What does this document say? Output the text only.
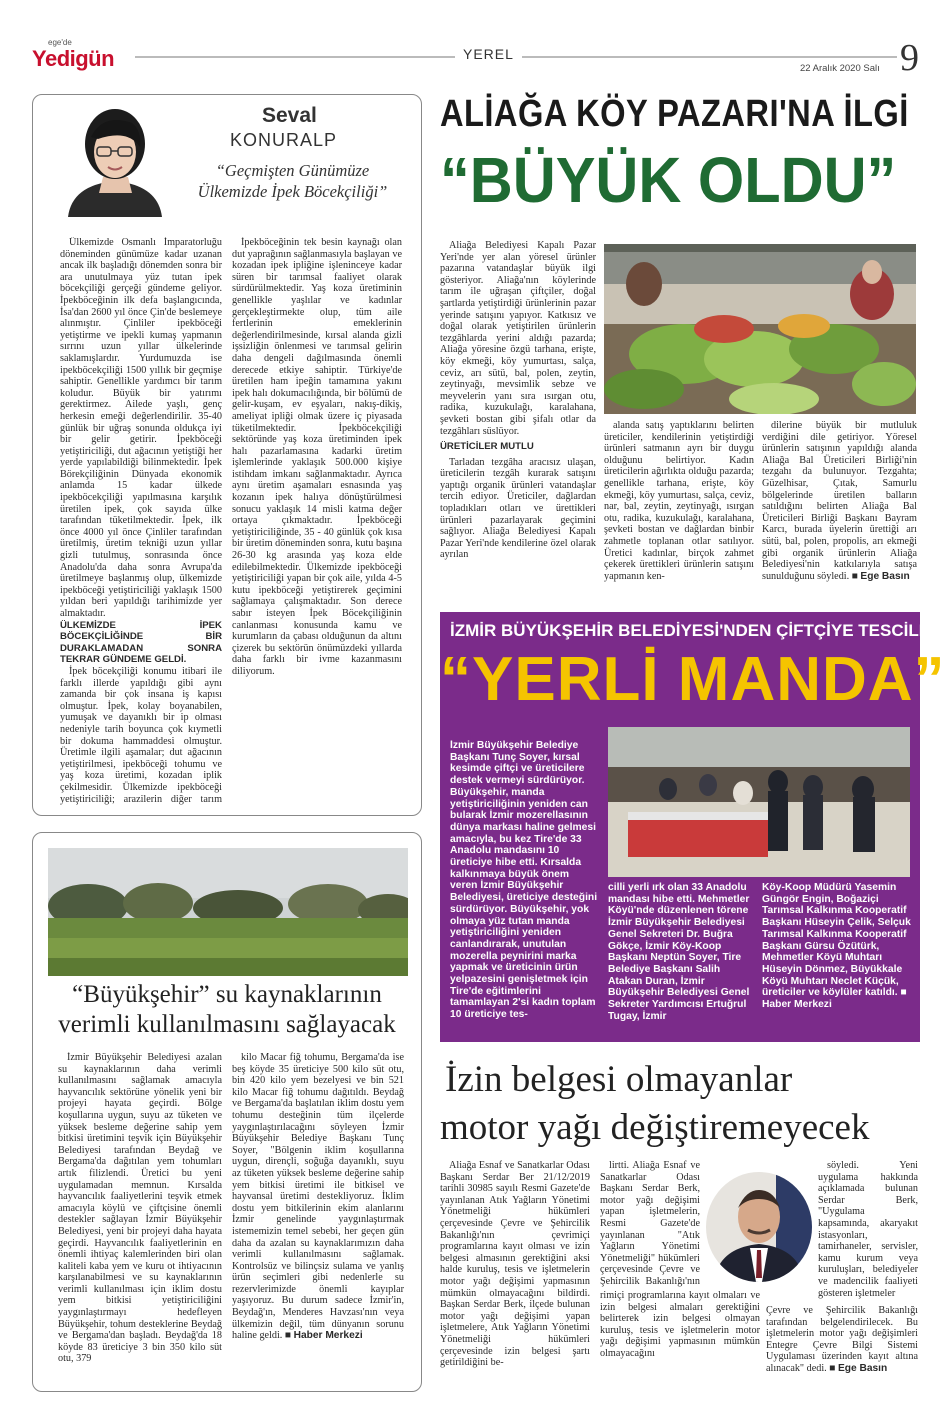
ege'de
Yedigün	YEREL
22 Aralık 2020 Salı 9
Seval
KONURALP
“Geçmişten Günümüze
Ülkemizde İpek Böcekçiliği”

Ülkemizde Osmanlı İmparatorluğu döneminden günümüze kadar uzanan ancak ilk başladığı dönemden sonra bir ara unutulmaya yüz tutan ipek böcekçiliği gerçeği gündeme geliyor. İpekböceğinin ilk defa başlangıcında, İsa'dan 2600 yıl önce Çin'de beslemeye alınmıştır. Çinliler ipekböceği yetiştirme ve ipekli kumaş yapmanın sırrını uzun yıllar ülkelerinde saklamışlardır. Yurdumuzda ise ipekböcekçiliği 1500 yıllık bir geçmişe sahiptir. Genellikle yardımcı bir tarım koludur. Büyük bir yatırımı gerektirmez. Ailede yaşlı, genç herkesin emeği değerlendirilir. 35-40 günlük bir uğraş sonunda oldukça iyi bir gelir getirir. İpekböceği yetiştiriciliği, dut ağacının yetiştiği her yerde yapılabildiği bilinmektedir. İpek Börekçiliğinin Dünyada ekonomik anlamda 15 kadar ülkede ipekböcekçiliği yapılmasına karşılık üretilen ipek, çok sayıda ülke tarafından tüketilmektedir. İpek, ilk önce 4000 yıl önce Çinliler tarafından üretilmiş, üretim tekniği uzun yıllar gizli tutulmuş, sonrasında önce Anadolu'da daha sonra Avrupa'da üretilmeye başlanmış olup, ülkemizde ipekböceği yetiştiriciliği yaklaşık 1500 yıldan beri yapıldığı tarihimizde yer almaktadır.

ÜLKEMİZDE İPEK BÖCEKÇİLİĞİNDE BİR DURAKLAMADAN SONRA TEKRAR GÜNDEME GELDİ.

İpek böcekçiliği konumu itibari ile farklı illerde yapıldığı gibi aynı zamanda bir çok insana iş kapısı olmuştur. İpek, kolay boyanabilen, yumuşak ve dayanıklı bir ip olması nedeniyle tarih boyunca çok kıymetli bir dokuma hammaddesi olmuştur. Üretimle ilgili aşamalar; dut ağacının yetiştirilmesi, ipekböceği tohumu ve yaş koza üretimi, kozadan iplik çekilmesidir. Ülkemizde ipekböceği yetiştiriciliği; arazilerin diğer tarım

İpekböceğinin tek besin kaynağı olan dut yaprağının sağlanmasıyla başlayan ve kozadan ipek ipliğine işleninceye kadar süren bir tarımsal faaliyet olarak sürdürülmektedir. Yaş koza üretiminin genellikle yaşlılar ve kadınlar gerçekleştirmekte olup, tüm aile fertlerinin emeklerinin değerlendirilmesinde, kırsal alanda gizli işsizliğin önlenmesi ve tarımsal gelirin daha dengeli dağılmasında önemli derecede etkiye sahiptir. Türkiye'de üretilen ham ipeğin tamamına yakını ipek halı dokumacılığında, bir bölümü de gelir-kuşam, ev eşyaları, nakış-dikiş, ameliyat ipliği olmak üzere iç piyasada tüketilmektedir. İpekböcekçiliği sektöründe yaş koza üretiminden ipek halı pazarlamasına kadarki üretim işlemlerinde yaklaşık 500.000 kişiye istihdam imkanı sağlanmaktadır. Ayrıca aynı üretim aşamaları esnasında yaş kozanın ipek halıya dönüştürülmesi sonucu yaklaşık 14 misli katma değer ortaya çıkmaktadır. İpekböceği yetiştiriciliğinde, 35 - 40 günlük çok kısa bir üretim döneminden sonra, kutu başına 26-30 kg arasında yaş koza elde edilebilmektedir. Ülkemizde ipekböceği yetiştiriciliği yapan bir çok aile, yılda 4-5 kutu ipekböceği yetiştirerek geçimini sağlamaya çalışmaktadır. Son derece sabır isteyen İpek Böcekçiliğinin canlanması konusunda kamu ve kurumların da çabası olduğunun da altını çizerek bu sektörün önümüzdeki yıllarda daha farklı bir ivme kazanmasını diliyorum.

ALİAĞA KÖY PAZARI'NA İLGİ
“BÜYÜK OLDU”

Aliağa Belediyesi Kapalı Pazar Yeri'nde yer alan yöresel ürünler pazarına vatandaşlar büyük ilgi gösteriyor. Aliağa'nın köylerinde tarım ile uğraşan çiftçiler, doğal şartlarda yetiştirdiği ürünlerinin pazar yerinde satışını yapıyor. Katkısız ve doğal olarak yetiştirilen ürünlerin tezgâhlarda yerini aldığı pazarda; Aliağa yöresine özgü tarhana, erişte, köy ekmeği, köy yumurtası, salça, ceviz, arı sütü, bal, polen, zeytin, zeytinyağı, mevsimlik sebze ve meyvelerin yanı sıra ısırgan otu, radika, kuzukulağı, karalahana, şevketi bostan gibi şifalı otlar da tezgâhları süslüyor.

ÜRETİCİLER MUTLU

Tarladan tezgâha aracısız ulaşan, üreticilerin tezgâh kurarak satışını yaptığı organik ürünleri vatandaşlar tercih ediyor. Üreticiler, dağlardan topladıkları otları ve ürettikleri ürünleri pazarlayarak geçimini sağlıyor. Aliağa Belediyesi Kapalı Pazar Yeri'nde kendilerine özel olarak ayrılan

alanda satış yaptıklarını belirten üreticiler, kendilerinin yetiştirdiği ürünleri satmanın ayrı bir duygu olduğunu belirtiyor. Kadın üreticilerin ağırlıkta olduğu pazarda; genellikle tarhana, erişte, köy ekmeği, köy yumurtası, salça, ceviz, nar, bal, zeytin, zeytinyağı, ısırgan otu, radika, kuzukulağı, karalahana, şevketi bostan ve dağlardan binbir zahmetle toplanan otlar satılıyor. Üretici kadınlar, birçok zahmet çekerek ürettikleri ürünlerin satışını yapmanın ken-

dilerine büyük bir mutluluk verdiğini dile getiriyor. Yöresel ürünlerin satışının yapıldığı alanda Aliağa Bal Üreticileri Birliği'nin tezgahı da bulunuyor. Tezgahta; Güzelhisar, Çıtak, Samurlu bölgelerinde üretilen balların satıldığını belirten Aliağa Bal Üreticileri Birliği Başkanı Bayram Karcı, burada üyelerin ürettiği arı sütü, bal, polen, propolis, arı ekmeği gibi organik ürünlerin Aliağa Belediyesi'nin katkılarıyla satışa sunulduğunu söyledi. ■ Ege Basın

İZMİR BÜYÜKŞEHİR BELEDİYESİ'NDEN ÇİFTÇİYE TESCİLLİ
“YERLİ MANDA”
İzmir Büyükşehir Belediye Başkanı Tunç Soyer, kırsal kesimde çiftçi ve üreticilere destek vermeyi sürdürüyor. Büyükşehir, manda yetiştiriciliğinin yeniden can bularak İzmir mozerellasının dünya markası haline gelmesi amacıyla, bu kez Tire'de 33 Anadolu mandasını 10 üreticiye hibe etti. Kırsalda kalkınmaya büyük önem veren İzmir Büyükşehir Belediyesi, üreticiye desteğini sürdürüyor. Büyükşehir, yok olmaya yüz tutan manda yetiştiriciliğini yeniden canlandırarak, unutulan mozerella peynirini marka yapmak ve üreticinin ürün yelpazesini genişletmek için Tire'de eğitimlerini tamamlayan 2'si kadın toplam 10 üreticiye tes-
cilli yerli ırk olan 33 Anadolu mandası hibe etti. Mehmetler Köyü'nde düzenlenen törene İzmir Büyükşehir Belediyesi Genel Sekreteri Dr. Buğra Gökçe, İzmir Köy-Koop Başkanı Neptün Soyer, Tire Belediye Başkanı Salih Atakan Duran, İzmir Büyükşehir Belediyesi Genel Sekreter Yardımcısı Ertuğrul Tugay, İzmir
Köy-Koop Müdürü Yasemin Güngör Engin, Boğaziçi Tarımsal Kalkınma Kooperatif Başkanı Hüseyin Çelik, Selçuk Tarımsal Kalkınma Kooperatif Başkanı Gürsu Özütürk, Mehmetler Köyü Muhtarı Hüseyin Dönmez, Büyükkale Köyü Muhtarı Neclet Küçük, üreticiler ve köylüler katıldı. ■ Haber Merkezi
“Büyükşehir” su kaynaklarının
verimli kullanılmasını sağlayacak

İzmir Büyükşehir Belediyesi azalan su kaynaklarının daha verimli kullanılmasını sağlamak amacıyla hayvancılık sektörüne yönelik yeni bir projeyi hayata geçirdi. Bölge koşullarına uygun, suyu az tüketen ve yüksek besleme değerine sahip yem bitkisi üretimini teşvik için Büyükşehir Belediyesi tarafından Beydağ ve Bergama'da dağıtılan yem tohumları artık filizlendi. Üretici bu yeni uygulamadan memnun. Kırsalda hayvancılık faaliyetlerini teşvik etmek amacıyla köylü ve çiftçisine önemli destekler sağlayan İzmir Büyükşehir Belediyesi, yeni bir projeyi daha hayata geçirdi. Hayvancılık faaliyetlerinin en önemli ihtiyaç kalemlerinden biri olan kaliteli kaba yem ve kuru ot ihtiyacının karşılanabilmesi ve su kaynaklarının verimli kullanılması için iklim dostu yem bitkisi yetiştiriciliğini yaygınlaştırmayı hedefleyen Büyükşehir, tohum desteklerine Beydağ ve Bergama'dan başladı. Beydağ'da 18 köyde 83 üreticiye 3 bin 350 kilo süt otu, 379

kilo Macar fiğ tohumu, Bergama'da ise beş köyde 35 üreticiye 500 kilo süt otu, bin 420 kilo yem bezelyesi ve bin 521 kilo Macar fiğ tohumu dağıtıldı. Beydağ ve Bergama'da başlatılan iklim dostu yem tohumu desteğinin tüm ilçelerde yaygınlaştırılacağını söyleyen İzmir Büyükşehir Belediye Başkanı Tunç Soyer, "Bölgenin iklim koşullarına uygun, dirençli, soğuğa dayanıklı, suyu az tüketen yüksek besleme değerine sahip yem bitkisi üretimi ile bitkisel ve hayvansal üretimi destekliyoruz. İklim dostu yem bitkilerinin ekim alanlarını İzmir genelinde yaygınlaştırmak istememizin temel sebebi, her geçen gün daha da azalan su kaynaklarımızın daha verimli kullanılmasını sağlamak. Kontrolsüz ve bilinçsiz sulama ve yanlış ürün seçimleri gibi nedenlerle su rezervlerimizde önemli kayıplar yaşıyoruz. Bu durum sadece İzmir'in, Beydağ'ın, Menderes Havzası'nın veya ülkemizin değil, tüm dünyanın sorunu haline geldi. ■ Haber Merkezi

İzin belgesi olmayanlar
motor yağı değiştiremeyecek

Aliağa Esnaf ve Sanatkarlar Odası Başkanı Serdar Ber 21/12/2019 tarihli 30985 sayılı Resmi Gazete'de yayınlanan Atık Yağların Yönetimi Yönetmeliği hükümleri çerçevesinde Çevre ve Şehircilik Bakanlığı'nın çevrimiçi programlarına kayıt olması ve izin belgesi almasının gerektiğini aksi halde kuruluş, tesis ve işletmelerin motor yağı değişimi yapmasının mümkün olmayacağını bildirdi. Başkan Serdar Berk, ilçede bulunan motor yağı değişimi yapan işletmelere, Atık Yağların Yönetimi Yönetmeliği hükümleri çerçevesinde izin belgesi şartı getirildiğini be-

lirtti. Aliağa Esnaf ve Sanatkarlar Odası Başkanı Serdar Berk, motor yağı değişimi yapan işletmelerin, Resmi Gazete'de yayınlanan "Atık Yağların Yönetimi Yönetmeliği" hükümleri çerçevesinde Çevre ve Şehircilik Bakanlığı'nın

rimiçi programlarına kayıt olmaları ve izin belgesi almaları gerektiğini belirterek izin belgesi olmayan kuruluş, tesis ve işletmelerin motor yağı değişimi yapmasının mümkün olmayacağını

söyledi. Yeni uygulama hakkında açıklamada bulunan Serdar Berk, "Uygulama kapsamında, akaryakıt istasyonları, tamirhaneler, servisler, kamu kurum veya kuruluşları, belediyeler ve madencilik faaliyeti gösteren işletmeler

Çevre ve Şehircilik Bakanlığı tarafından belgelendirilecek. Bu işletmelerin motor yağı değişimleri Entegre Çevre Bilgi Sistemi Uygulaması üzerinden kayıt altına alınacak" dedi. ■ Ege Basın
